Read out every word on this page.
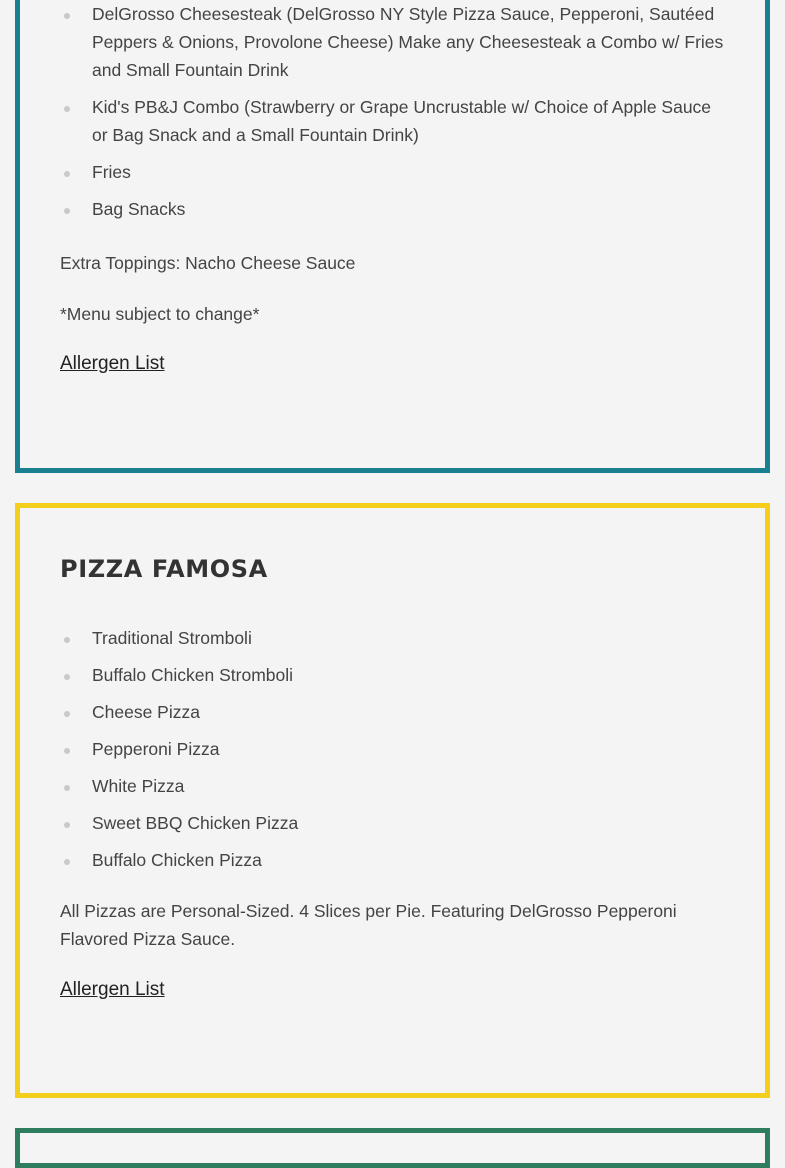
DelGrosso Cheesesteak (DelGrosso NY Style Pizza Sauce, Pepperoni, Sautéed Peppers & Onions, Provolone Cheese) Make any Cheesesteak a Combo w/ Fries and Small Fountain Drink
Kid's PB&J Combo (Strawberry or Grape Uncrustable w/ Choice of Apple Sauce or Bag Snack and a Small Fountain Drink)
Fries
Bag Snacks

Extra Toppings: Nacho Cheese Sauce

*Menu subject to change*

Allergen List
PIZZA FAMOSA
Traditional Stromboli
Buffalo Chicken Stromboli
Cheese Pizza
Pepperoni Pizza
White Pizza
Sweet BBQ Chicken Pizza
Buffalo Chicken Pizza

All Pizzas are Personal-Sized. 4 Slices per Pie. Featuring DelGrosso Pepperoni Flavored Pizza Sauce.

Allergen List
